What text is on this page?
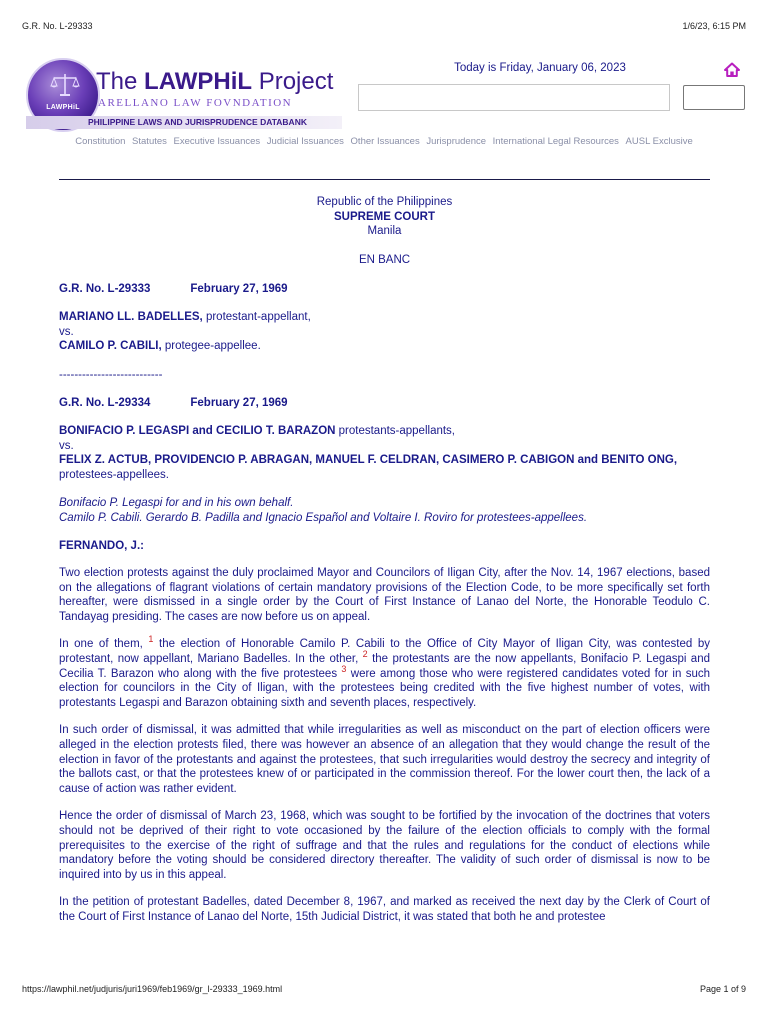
G.R. No. L-29333	1/6/23, 6:15 PM
LAWPHiL
The LAWPHiL Project
ARELLANO LAW FOVNDATION
PHILIPPINE LAWS AND JURISPRUDENCE DATABANK
Today is Friday, January 06, 2023
Constitution Statutes Executive Issuances Judicial Issuances Other Issuances Jurisprudence International Legal Resources AUSL Exclusive
Republic of the Philippines
SUPREME COURT
Manila
EN BANC
G.R. No. L-29333	February 27, 1969
MARIANO LL. BADELLES, protestant-appellant,
vs.
CAMILO P. CABILI, protegee-appellee.
---------------------------
G.R. No. L-29334	February 27, 1969
BONIFACIO P. LEGASPI and CECILIO T. BARAZON protestants-appellants,
vs.
FELIX Z. ACTUB, PROVIDENCIO P. ABRAGAN, MANUEL F. CELDRAN, CASIMERO P. CABIGON and BENITO ONG, protestees-appellees.
Bonifacio P. Legaspi for and in his own behalf.
Camilo P. Cabili. Gerardo B. Padilla and Ignacio Español and Voltaire I. Roviro for protestees-appellees.
FERNANDO, J.:

Two election protests against the duly proclaimed Mayor and Councilors of Iligan City, after the Nov. 14, 1967 elections, based on the allegations of flagrant violations of certain mandatory provisions of the Election Code, to be more specifically set forth hereafter, were dismissed in a single order by the Court of First Instance of Lanao del Norte, the Honorable Teodulo C. Tandayag presiding. The cases are now before us on appeal.

In one of them, $^1$ the election of Honorable Camilo P. Cabili to the Office of City Mayor of Iligan City, was contested by protestant, now appellant, Mariano Badelles. In the other, $^2$ the protestants are the now appellants, Bonifacio P. Legaspi and Cecilia T. Barazon who along with the five protestees $^3$ were among those who were registered candidates voted for in such election for councilors in the City of Iligan, with the protestees being credited with the five highest number of votes, with protestants Legaspi and Barazon obtaining sixth and seventh places, respectively.

In such order of dismissal, it was admitted that while irregularities as well as misconduct on the part of election officers were alleged in the election protests filed, there was however an absence of an allegation that they would change the result of the election in favor of the protestants and against the protestees, that such irregularities would destroy the secrecy and integrity of the ballots cast, or that the protestees knew of or participated in the commission thereof. For the lower court then, the lack of a cause of action was rather evident.

Hence the order of dismissal of March 23, 1968, which was sought to be fortified by the invocation of the doctrines that voters should not be deprived of their right to vote occasioned by the failure of the election officials to comply with the formal prerequisites to the exercise of the right of suffrage and that the rules and regulations for the conduct of elections while mandatory before the voting should be considered directory thereafter. The validity of such order of dismissal is now to be inquired into by us in this appeal.

In the petition of protestant Badelles, dated December 8, 1967, and marked as received the next day by the Clerk of Court of the Court of First Instance of Lanao del Norte, 15th Judicial District, it was stated that both he and protestee

https://lawphil.net/judjuris/juri1969/feb1969/gr_l-29333_1969.html	Page 1 of 9
